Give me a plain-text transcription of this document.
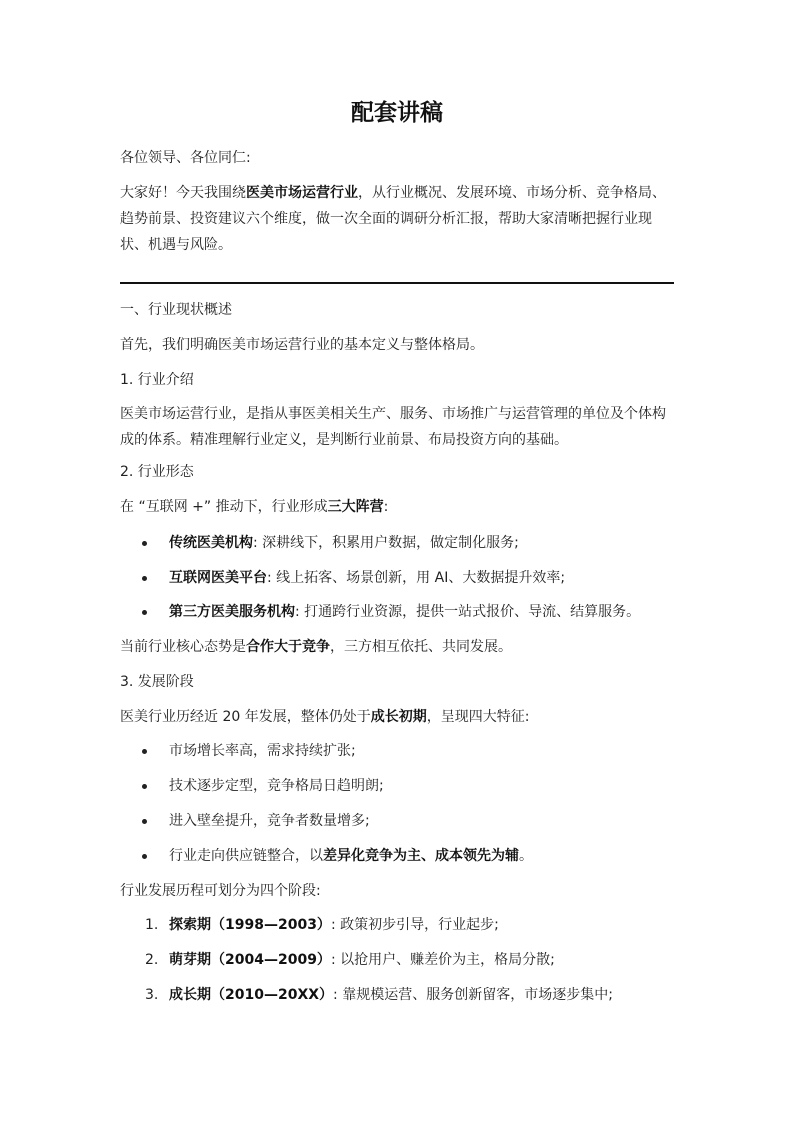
配套讲稿
各位领导、各位同仁:

大家好！今天我围绕医美市场运营行业，从行业概况、发展环境、市场分析、竞争格局、趋势前景、投资建议六个维度，做一次全面的调研分析汇报，帮助大家清晰把握行业现状、机遇与风险。

一、行业现状概述
首先，我们明确医美市场运营行业的基本定义与整体格局。
1. 行业介绍

医美市场运营行业，是指从事医美相关生产、服务、市场推广与运营管理的单位及个体构成的体系。精准理解行业定义，是判断行业前景、布局投资方向的基础。

2. 行业形态
在 “互联网 +” 推动下，行业形成三大阵营:
传统医美机构: 深耕线下，积累用户数据，做定制化服务;
互联网医美平台: 线上拓客、场景创新，用 AI、大数据提升效率;
第三方医美服务机构: 打通跨行业资源，提供一站式报价、导流、结算服务。
当前行业核心态势是合作大于竞争，三方相互依托、共同发展。
3. 发展阶段
医美行业历经近 20 年发展，整体仍处于成长初期，呈现四大特征:
市场增长率高，需求持续扩张;
技术逐步定型，竞争格局日趋明朗;
进入壁垒提升，竞争者数量增多;
行业走向供应链整合，以差异化竞争为主、成本领先为辅。
行业发展历程可划分为四个阶段:
1. 探索期（1998—2003）: 政策初步引导，行业起步;
2. 萌芽期（2004—2009）: 以抢用户、赚差价为主，格局分散;
3. 成长期（2010—20XX）: 靠规模运营、服务创新留客，市场逐步集中;
